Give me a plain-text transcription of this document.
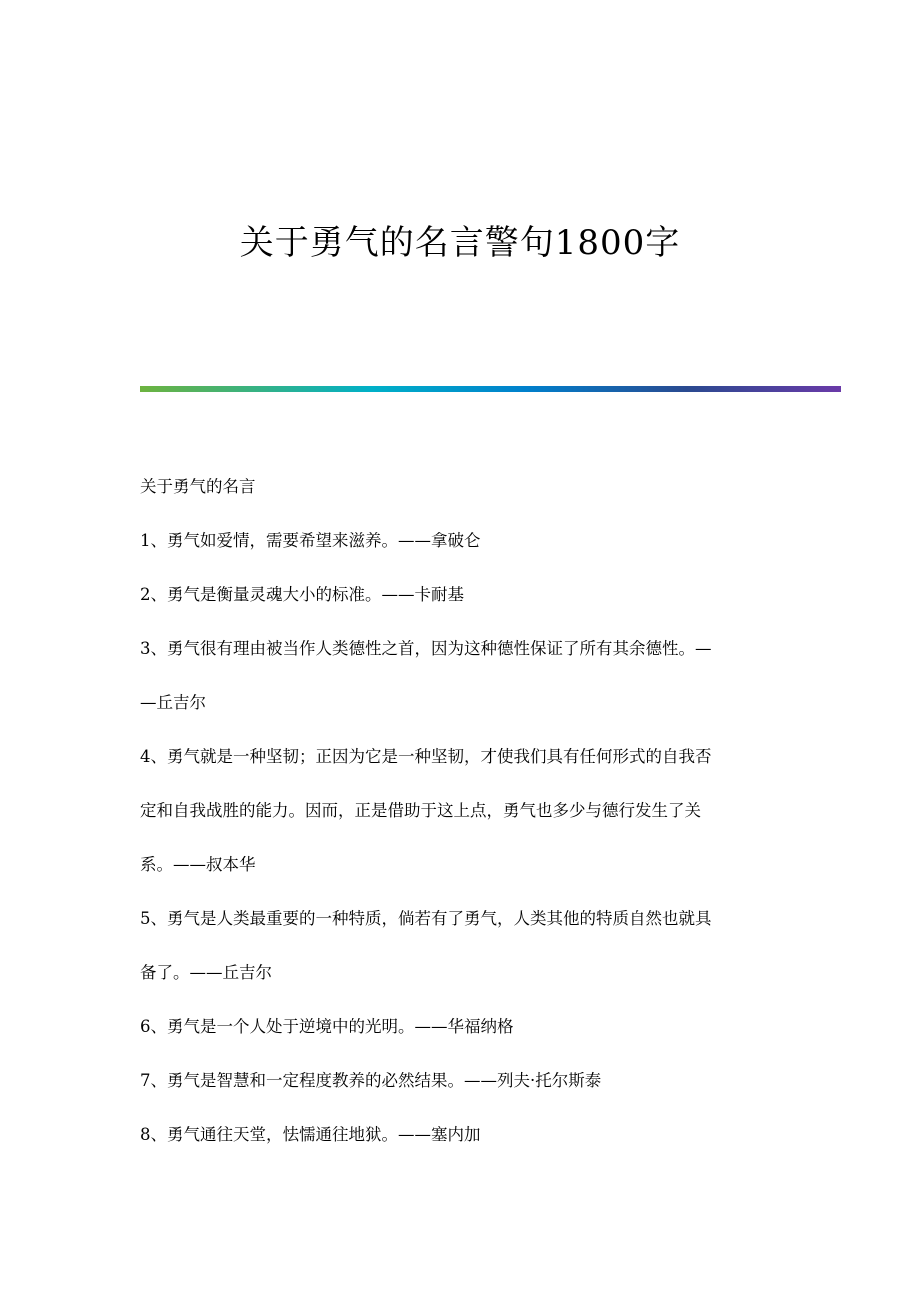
关于勇气的名言警句1800字
关于勇气的名言
1、勇气如爱情，需要希望来滋养。——拿破仑
2、勇气是衡量灵魂大小的标准。——卡耐基
3、勇气很有理由被当作人类德性之首，因为这种德性保证了所有其余德性。—
—丘吉尔
4、勇气就是一种坚韧；正因为它是一种坚韧，才使我们具有任何形式的自我否
定和自我战胜的能力。因而，正是借助于这上点，勇气也多少与德行发生了关
系。——叔本华
5、勇气是人类最重要的一种特质，倘若有了勇气，人类其他的特质自然也就具
备了。——丘吉尔
6、勇气是一个人处于逆境中的光明。——华福纳格
7、勇气是智慧和一定程度教养的必然结果。——列夫·托尔斯泰
8、勇气通往天堂，怯懦通往地狱。——塞内加
